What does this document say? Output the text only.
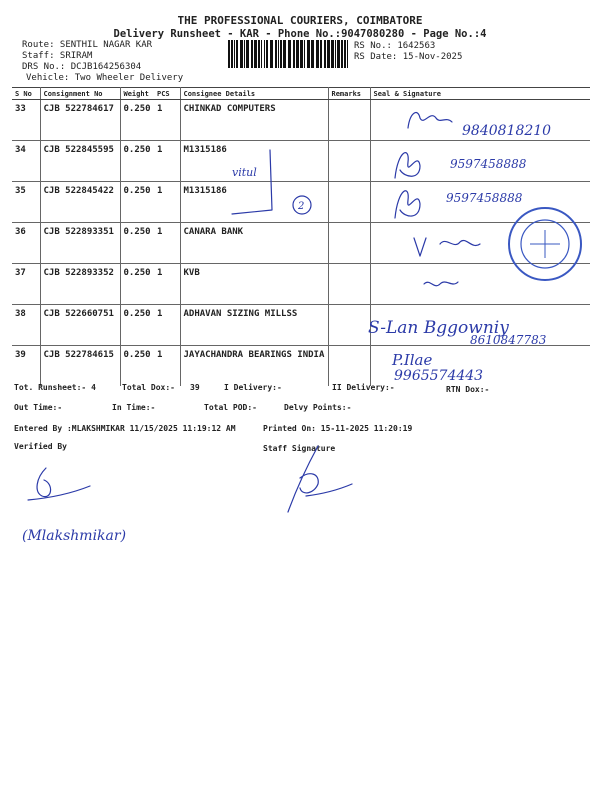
THE PROFESSIONAL COURIERS, COIMBATORE
Delivery Runsheet - KAR - Phone No.:9047080280 - Page No.:4
Route: SENTHIL NAGAR KAR
Staff: SRIRAM
DRS No.: DCJB164256304
Vehicle: Two Wheeler Delivery
RS No.: 1642563
RS Date: 15-Nov-2025
S No	Consignment No	Weight	PCS	Consignee Details	Remarks	Seal & Signature
33	CJB 522784617	0.250	1	CHINKAD COMPUTERS		
34	CJB 522845595	0.250	1	M1315186		
35	CJB 522845422	0.250	1	M1315186		
36	CJB 522893351	0.250	1	CANARA BANK		
37	CJB 522893352	0.250	1	KVB		
38	CJB 522660751	0.250	1	ADHAVAN SIZING MILLSS		
39	CJB 522784615	0.250	1	JAYACHANDRA BEARINGS INDIA		
Tot. Runsheet:- 4	Total Dox:- 39	I Delivery:-	II Delivery:-	RTN Dox:-
Out Time:-	In Time:-	Total POD:-	Delvy Points:-
Entered By :MLAKSHMIKAR 11/15/2025 11:19:12 AM	Printed On: 15-11-2025 11:20:19
Verified By	Staff Signature
9840818210
vitul
2
9597458888
9597458888
S-Lan Bggowniy
8610847783
P.Ilae
9965574443
(Mlakshmikar)
